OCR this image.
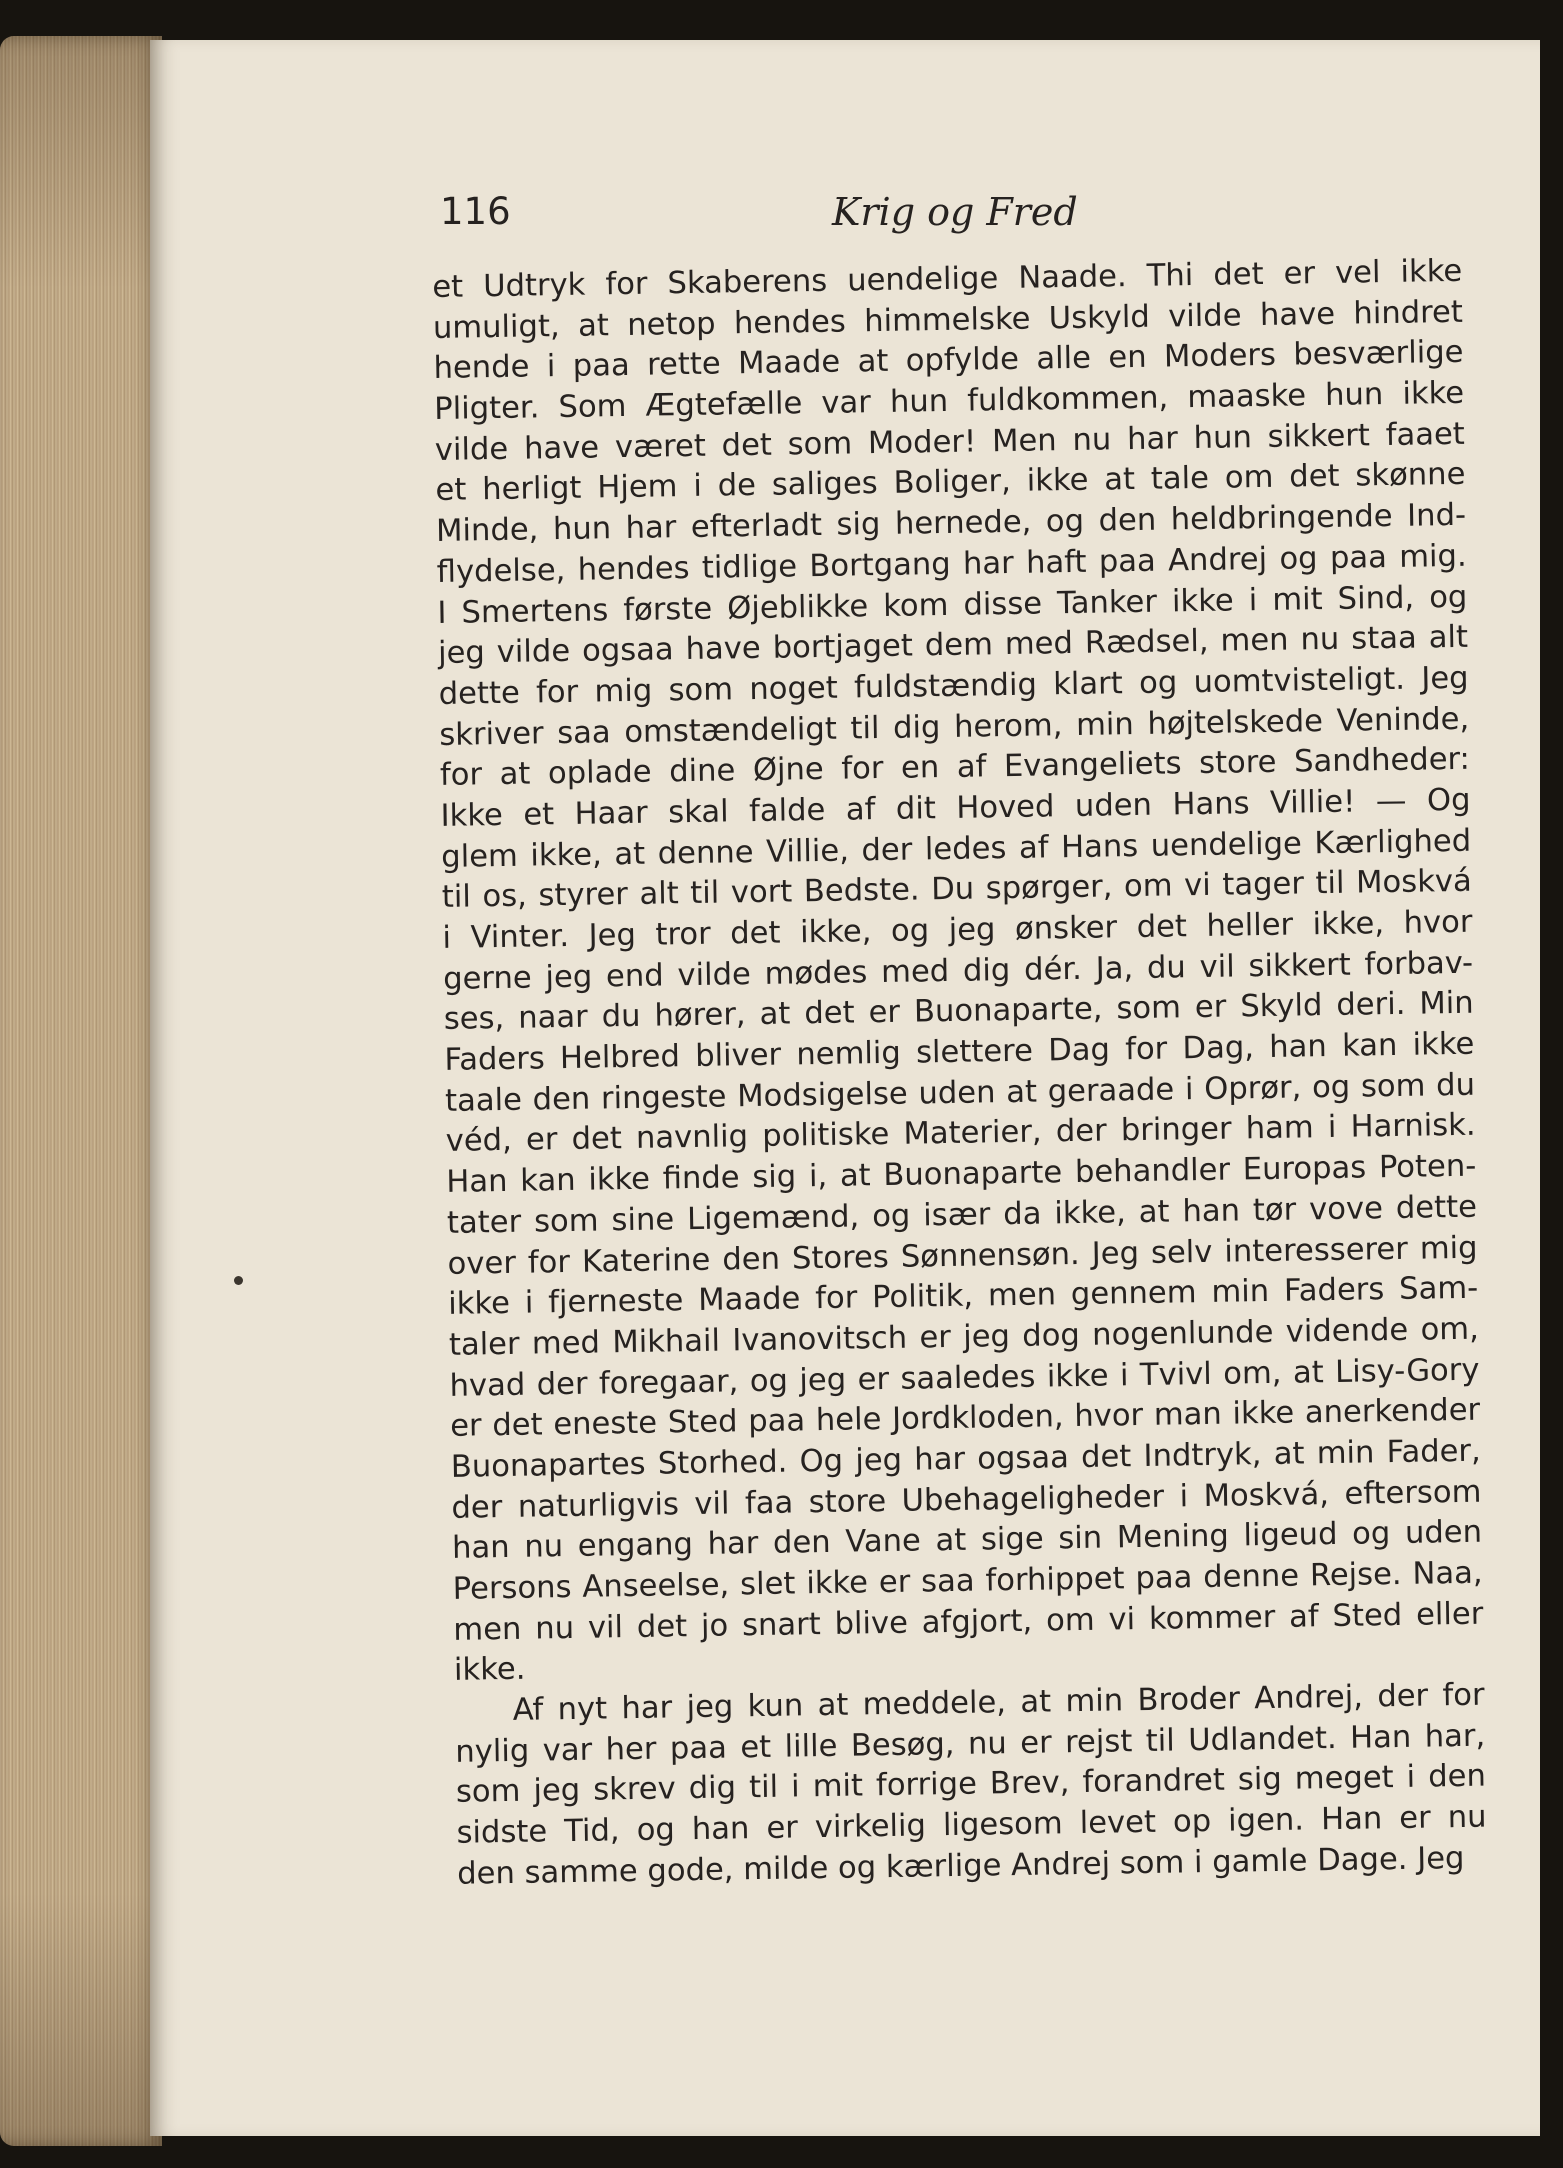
116	Krig og Fred
et Udtryk for Skaberens uendelige Naade. Thi det er vel ikke
umuligt, at netop hendes himmelske Uskyld vilde have hindret
hende i paa rette Maade at opfylde alle en Moders besværlige
Pligter. Som Ægtefælle var hun fuldkommen, maaske hun ikke
vilde have været det som Moder! Men nu har hun sikkert faaet
et herligt Hjem i de saliges Boliger, ikke at tale om det skønne
Minde, hun har efterladt sig hernede, og den heldbringende Ind-
flydelse, hendes tidlige Bortgang har haft paa Andrej og paa mig.
I Smertens første Øjeblikke kom disse Tanker ikke i mit Sind, og
jeg vilde ogsaa have bortjaget dem med Rædsel, men nu staa alt
dette for mig som noget fuldstændig klart og uomtvisteligt. Jeg
skriver saa omstændeligt til dig herom, min højtelskede Veninde,
for at oplade dine Øjne for en af Evangeliets store Sandheder:
Ikke et Haar skal falde af dit Hoved uden Hans Villie! — Og
glem ikke, at denne Villie, der ledes af Hans uendelige Kærlighed
til os, styrer alt til vort Bedste. Du spørger, om vi tager til Moskvá
i Vinter. Jeg tror det ikke, og jeg ønsker det heller ikke, hvor
gerne jeg end vilde mødes med dig dér. Ja, du vil sikkert forbav-
ses, naar du hører, at det er Buonaparte, som er Skyld deri. Min
Faders Helbred bliver nemlig slettere Dag for Dag, han kan ikke
taale den ringeste Modsigelse uden at geraade i Oprør, og som du
véd, er det navnlig politiske Materier, der bringer ham i Harnisk.
Han kan ikke finde sig i, at Buonaparte behandler Europas Poten-
tater som sine Ligemænd, og især da ikke, at han tør vove dette
over for Katerine den Stores Sønnensøn. Jeg selv interesserer mig
ikke i fjerneste Maade for Politik, men gennem min Faders Sam-
taler med Mikhail Ivanovitsch er jeg dog nogenlunde vidende om,
hvad der foregaar, og jeg er saaledes ikke i Tvivl om, at Lisy-Gory
er det eneste Sted paa hele Jordkloden, hvor man ikke anerkender
Buonapartes Storhed. Og jeg har ogsaa det Indtryk, at min Fader,
der naturligvis vil faa store Ubehageligheder i Moskvá, eftersom
han nu engang har den Vane at sige sin Mening ligeud og uden
Persons Anseelse, slet ikke er saa forhippet paa denne Rejse. Naa,
men nu vil det jo snart blive afgjort, om vi kommer af Sted eller
ikke.
Af nyt har jeg kun at meddele, at min Broder Andrej, der for
nylig var her paa et lille Besøg, nu er rejst til Udlandet. Han har,
som jeg skrev dig til i mit forrige Brev, forandret sig meget i den
sidste Tid, og han er virkelig ligesom levet op igen. Han er nu
den samme gode, milde og kærlige Andrej som i gamle Dage. Jeg
